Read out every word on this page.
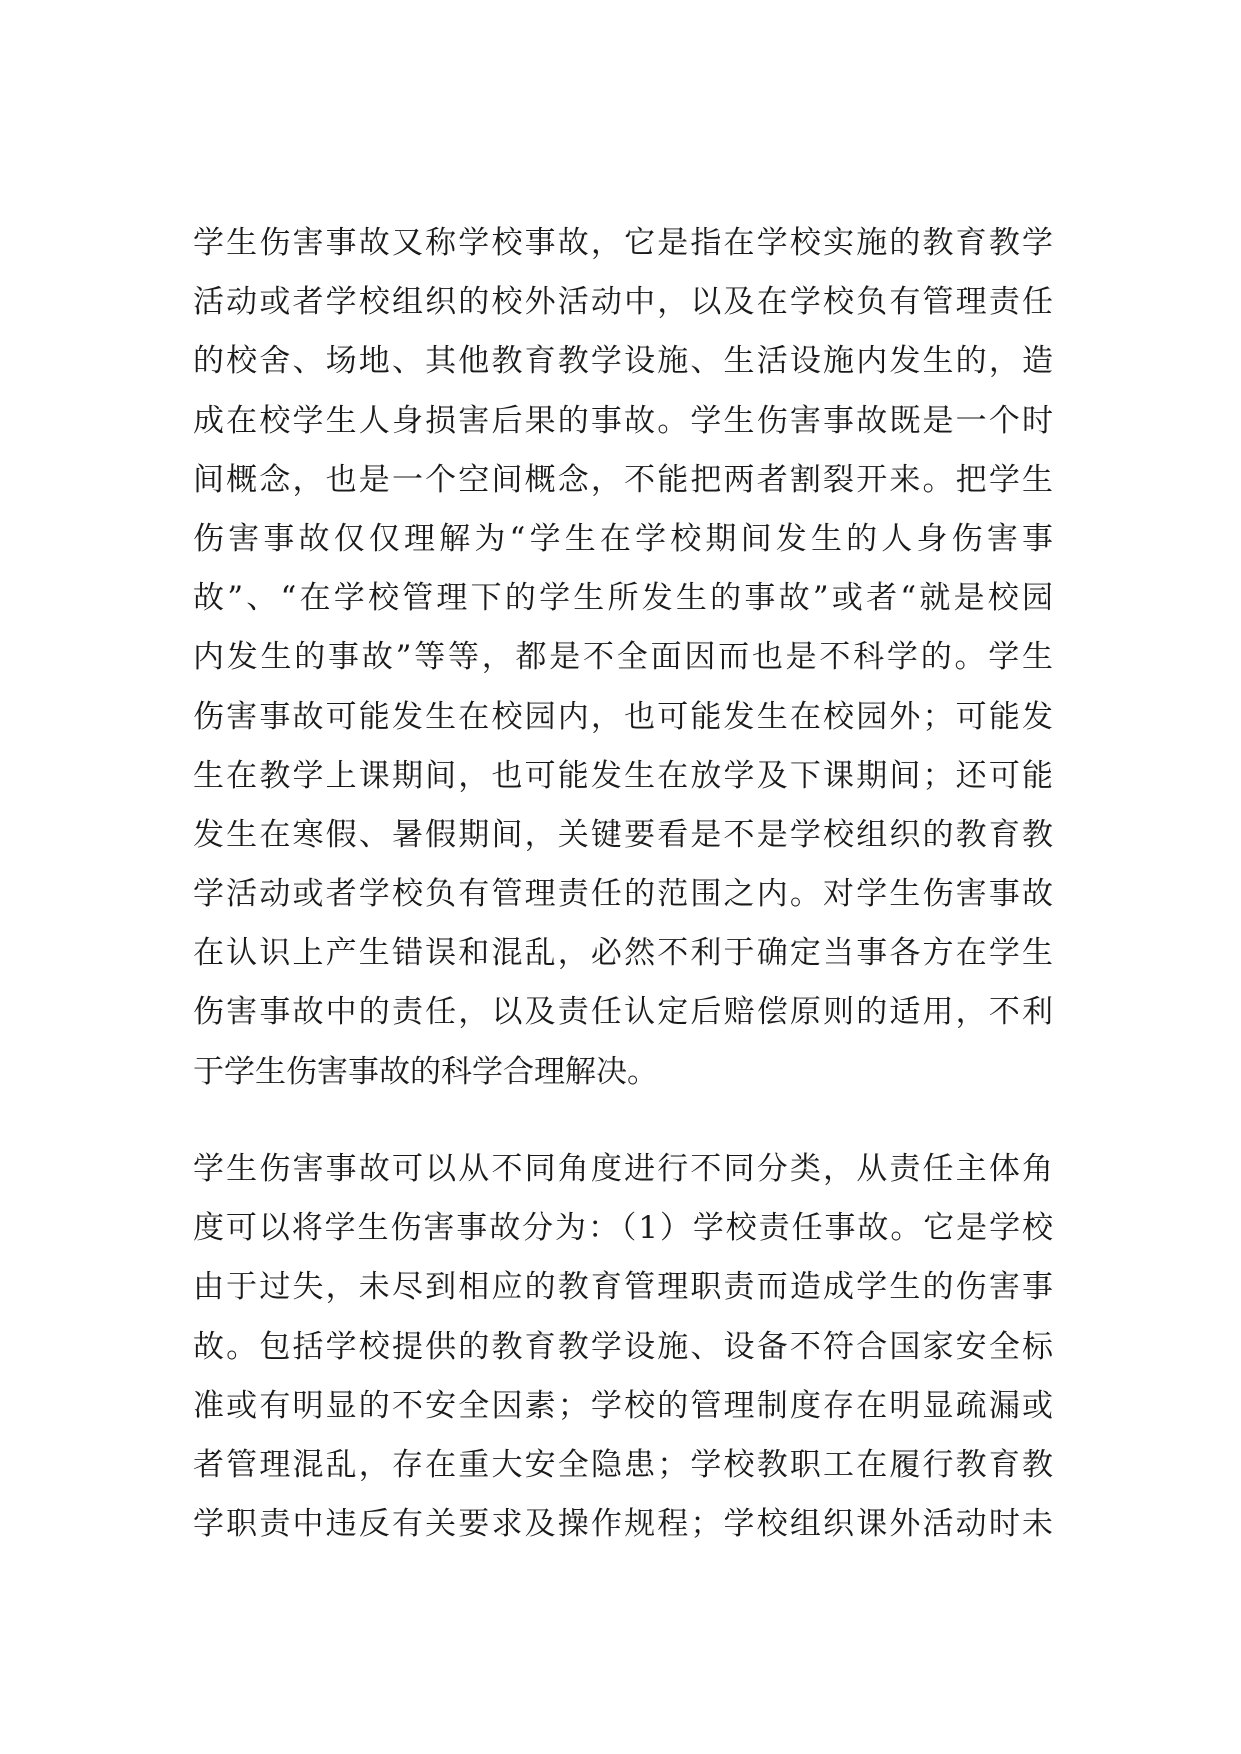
学生伤害事故又称学校事故，它是指在学校实施的教育教学
活动或者学校组织的校外活动中，以及在学校负有管理责任
的校舍、场地、其他教育教学设施、生活设施内发生的，造
成在校学生人身损害后果的事故。学生伤害事故既是一个时
间概念，也是一个空间概念，不能把两者割裂开来。把学生
伤害事故仅仅理解为“学生在学校期间发生的人身伤害事
故”、“在学校管理下的学生所发生的事故”或者“就是校园
内发生的事故”等等，都是不全面因而也是不科学的。学生
伤害事故可能发生在校园内，也可能发生在校园外；可能发
生在教学上课期间，也可能发生在放学及下课期间；还可能
发生在寒假、暑假期间，关键要看是不是学校组织的教育教
学活动或者学校负有管理责任的范围之内。对学生伤害事故
在认识上产生错误和混乱，必然不利于确定当事各方在学生
伤害事故中的责任，以及责任认定后赔偿原则的适用，不利
于学生伤害事故的科学合理解决。
学生伤害事故可以从不同角度进行不同分类，从责任主体角
度可以将学生伤害事故分为：（1）学校责任事故。它是学校
由于过失，未尽到相应的教育管理职责而造成学生的伤害事
故。包括学校提供的教育教学设施、设备不符合国家安全标
准或有明显的不安全因素；学校的管理制度存在明显疏漏或
者管理混乱，存在重大安全隐患；学校教职工在履行教育教
学职责中违反有关要求及操作规程；学校组织课外活动时未
